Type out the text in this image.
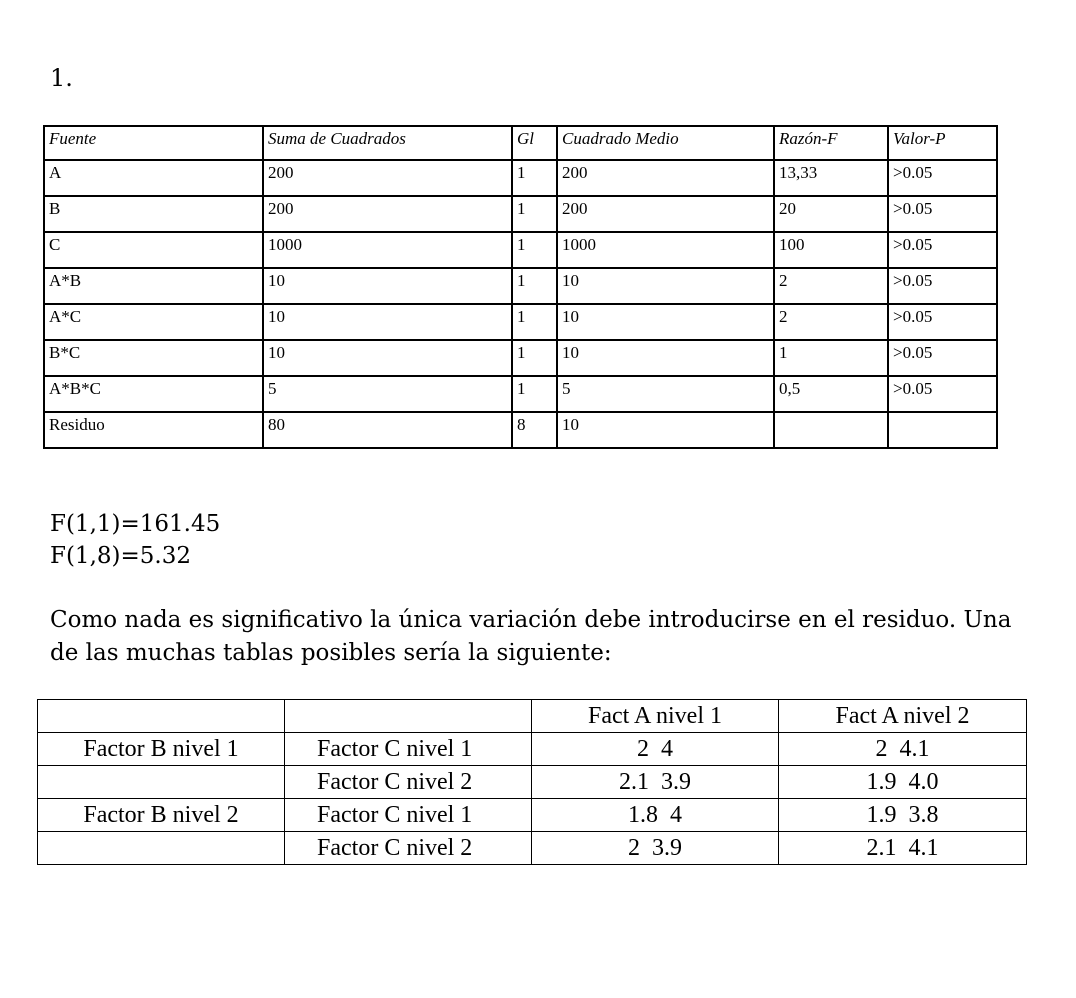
1.
Fuente	Suma de Cuadrados	Gl	Cuadrado Medio	Razón-F	Valor-P
A	200	1	200	13,33	>0.05
B	200	1	200	20	>0.05
C	1000	1	1000	100	>0.05
A*B	10	1	10	2	>0.05
A*C	10	1	10	2	>0.05
B*C	10	1	10	1	>0.05
A*B*C	5	1	5	0,5	>0.05
Residuo	80	8	10		
F(1,1)=161.45
F(1,8)=5.32
Como nada es significativo la única variación debe introducirse en el residuo. Una de las muchas tablas posibles sería la siguiente:
		Fact A nivel 1	Fact A nivel 2
Factor B nivel 1	Factor C nivel 1	2  4	2  4.1
	Factor C nivel 2	2.1  3.9	1.9  4.0
Factor B nivel 2	Factor C nivel 1	1.8  4	1.9  3.8
	Factor C nivel 2	2  3.9	2.1  4.1
